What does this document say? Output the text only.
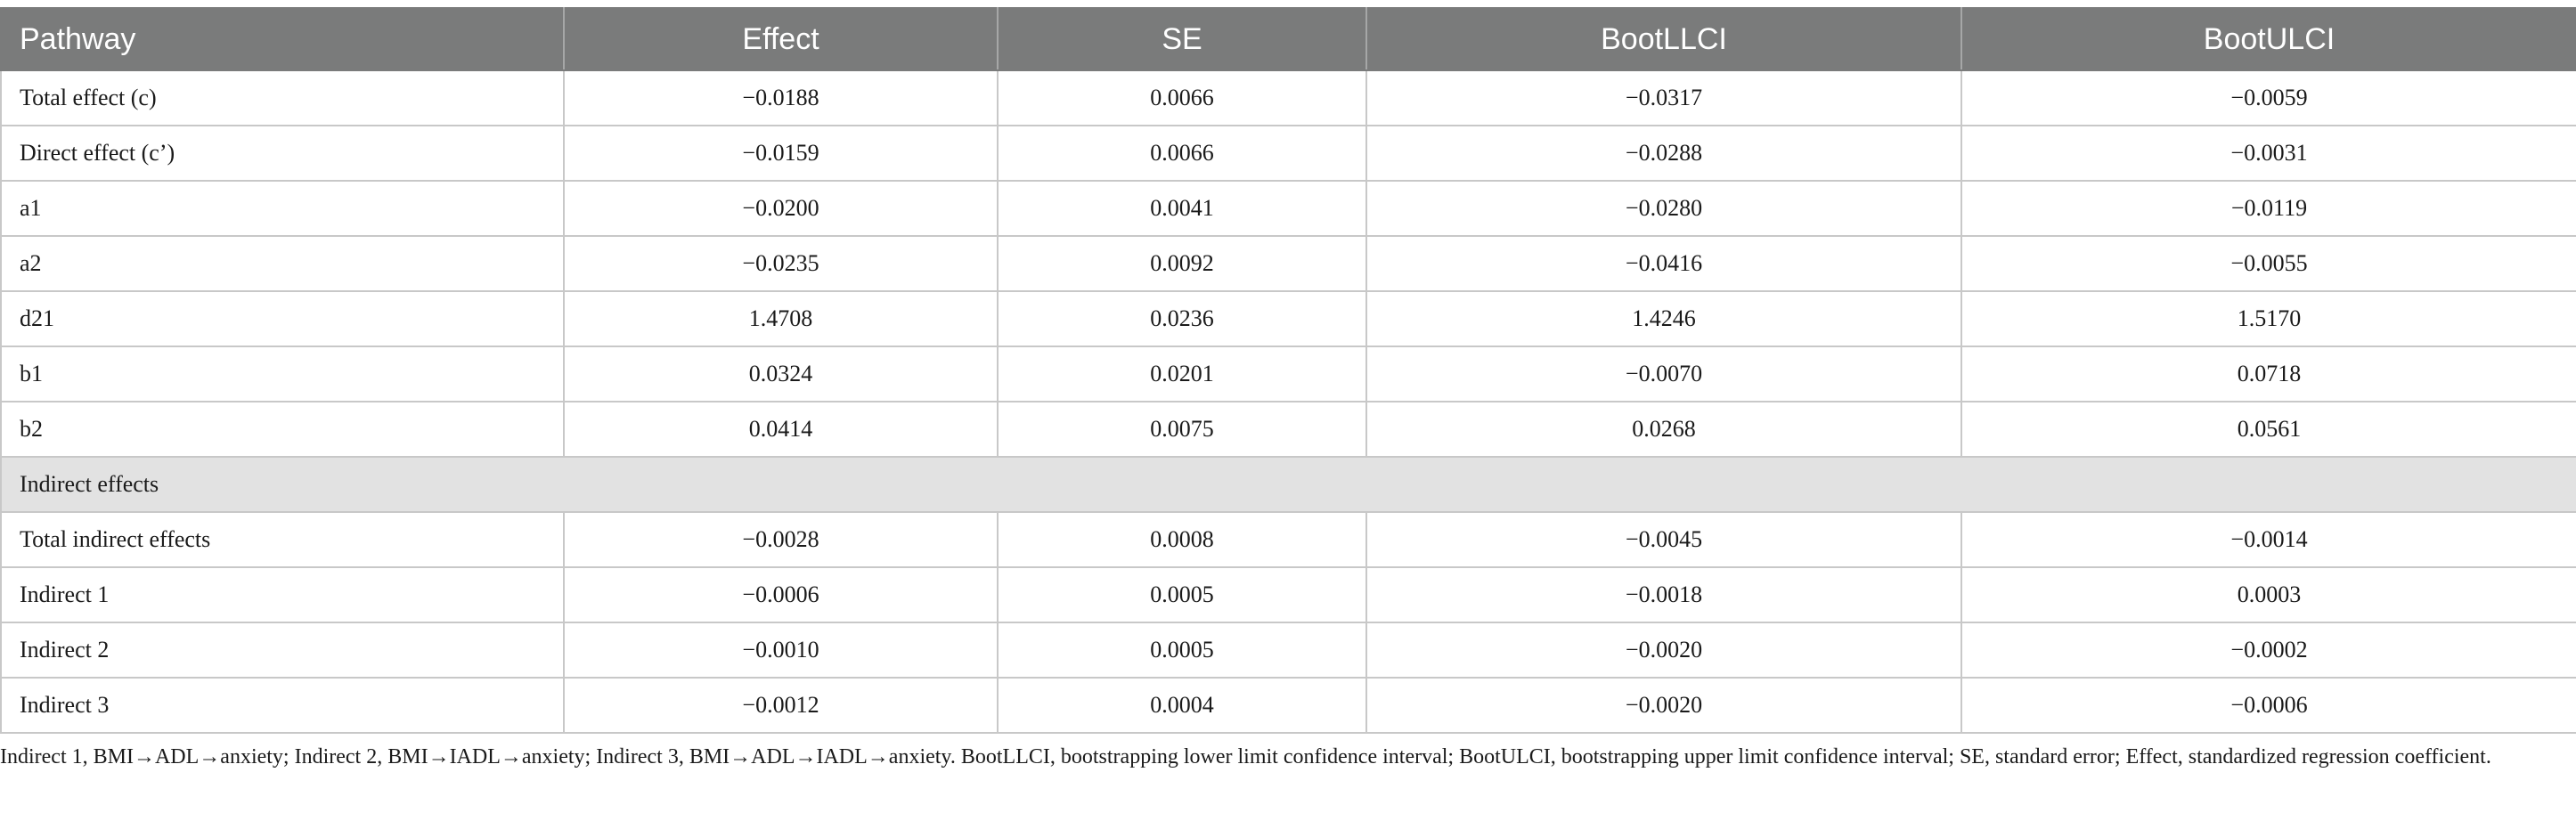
Pathway	Effect	SE	BootLLCI	BootULCI
Total effect (c)	−0.0188	0.0066	−0.0317	−0.0059
Direct effect (c’)	−0.0159	0.0066	−0.0288	−0.0031
a1	−0.0200	0.0041	−0.0280	−0.0119
a2	−0.0235	0.0092	−0.0416	−0.0055
d21	1.4708	0.0236	1.4246	1.5170
b1	0.0324	0.0201	−0.0070	0.0718
b2	0.0414	0.0075	0.0268	0.0561
Indirect effects				
Total indirect effects	−0.0028	0.0008	−0.0045	−0.0014
Indirect 1	−0.0006	0.0005	−0.0018	0.0003
Indirect 2	−0.0010	0.0005	−0.0020	−0.0002
Indirect 3	−0.0012	0.0004	−0.0020	−0.0006

Indirect 1, BMI→ADL→anxiety; Indirect 2, BMI→IADL→anxiety; Indirect 3, BMI→ADL→IADL→anxiety. BootLLCI, bootstrapping lower limit confidence interval; BootULCI, bootstrapping upper limit confidence interval; SE, standard error; Effect, standardized regression coefficient.
